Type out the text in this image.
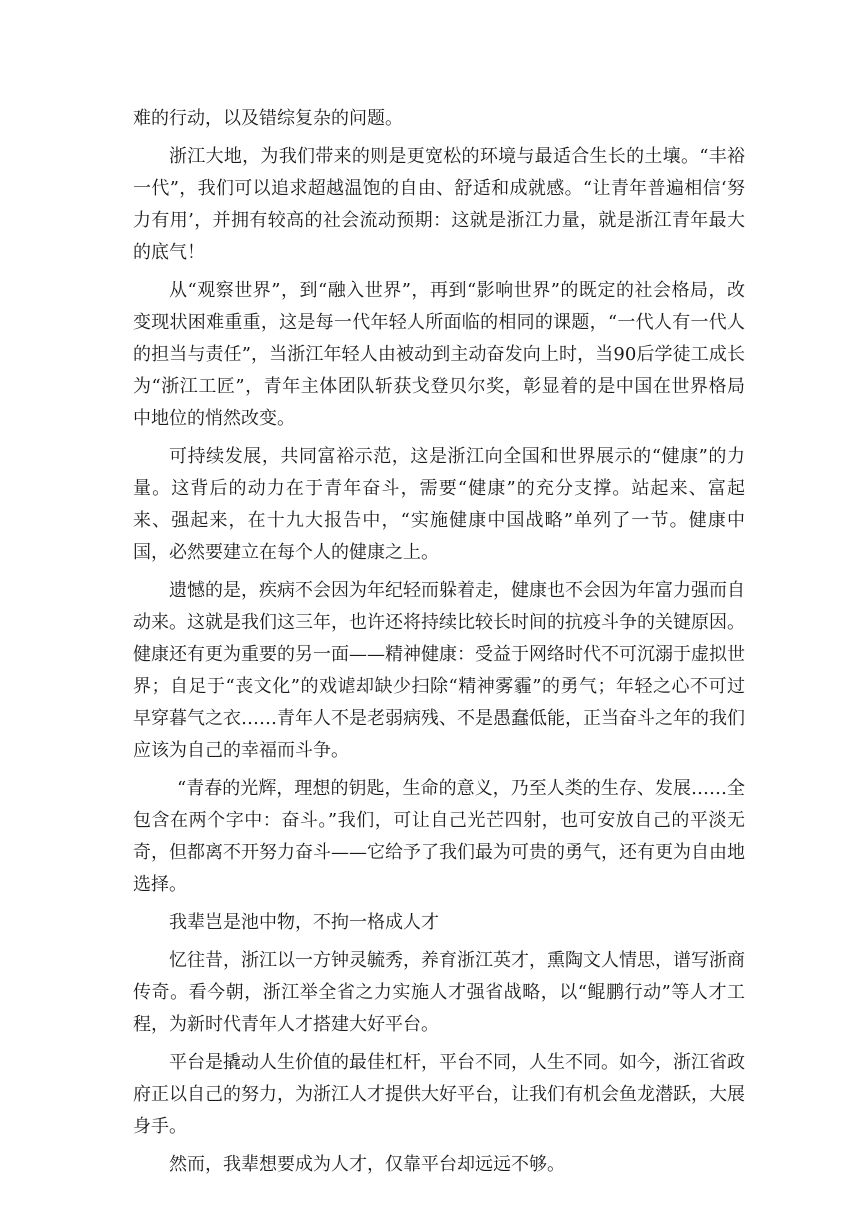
难的行动，以及错综复杂的问题。

浙江大地，为我们带来的则是更宽松的环境与最适合生长的土壤。“丰裕一代”，我们可以追求超越温饱的自由、舒适和成就感。“让青年普遍相信‘努力有用’，并拥有较高的社会流动预期：这就是浙江力量，就是浙江青年最大的底气！

从“观察世界”，到“融入世界”，再到“影响世界”的既定的社会格局，改变现状困难重重，这是每一代年轻人所面临的相同的课题，“一代人有一代人的担当与责任”，当浙江年轻人由被动到主动奋发向上时，当90后学徒工成长为“浙江工匠”，青年主体团队斩获戈登贝尔奖，彰显着的是中国在世界格局中地位的悄然改变。

可持续发展，共同富裕示范，这是浙江向全国和世界展示的“健康”的力量。这背后的动力在于青年奋斗，需要“健康”的充分支撑。站起来、富起来、强起来，在十九大报告中，“实施健康中国战略”单列了一节。健康中国，必然要建立在每个人的健康之上。

遗憾的是，疾病不会因为年纪轻而躲着走，健康也不会因为年富力强而自动来。这就是我们这三年，也许还将持续比较长时间的抗疫斗争的关键原因。健康还有更为重要的另一面——精神健康：受益于网络时代不可沉溺于虚拟世界；自足于“丧文化”的戏谑却缺少扫除“精神雾霾”的勇气；年轻之心不可过早穿暮气之衣……青年人不是老弱病残、不是愚蠢低能，正当奋斗之年的我们应该为自己的幸福而斗争。

“青春的光辉，理想的钥匙，生命的意义，乃至人类的生存、发展……全包含在两个字中：奋斗。”我们，可让自己光芒四射，也可安放自己的平淡无奇，但都离不开努力奋斗——它给予了我们最为可贵的勇气，还有更为自由地选择。

我辈岂是池中物，不拘一格成人才

忆往昔，浙江以一方钟灵毓秀，养育浙江英才，熏陶文人情思，谱写浙商传奇。看今朝，浙江举全省之力实施人才强省战略，以“鲲鹏行动”等人才工程，为新时代青年人才搭建大好平台。

平台是撬动人生价值的最佳杠杆，平台不同，人生不同。如今，浙江省政府正以自己的努力，为浙江人才提供大好平台，让我们有机会鱼龙潜跃，大展身手。

然而，我辈想要成为人才，仅靠平台却远远不够。
